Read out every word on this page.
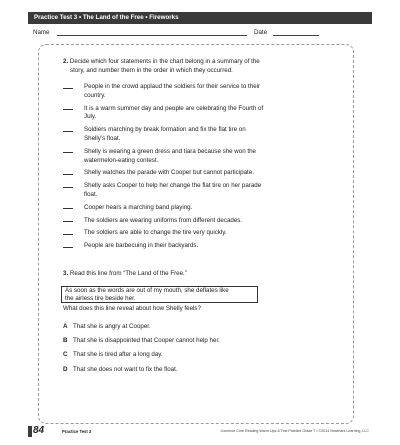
Practice Test 3 • The Land of the Free • Fireworks
Name	Date
2. Decide which four statements in the chart belong in a summary of the
story, and number them in the order in which they occurred.
People in the crowd applaud the soldiers for their service to their
country.
It is a warm summer day and people are celebrating the Fourth of
July.
Soldiers marching by break formation and fix the flat tire on
Shelly’s float.
Shelly is wearing a green dress and tiara because she won the
watermelon-eating contest.
Shelly watches the parade with Cooper but cannot participate.
Shelly asks Cooper to help her change the flat tire on her parade
float.
Cooper hears a marching band playing.
The soldiers are wearing uniforms from different decades.
The soldiers are able to change the tire very quickly.
People are barbecuing in their backyards.
3. Read this line from “The Land of the Free.”
As soon as the words are out of my mouth, she deflates like
the airless tire beside her.
What does this line reveal about how Shelly feels?
A That she is angry at Cooper.
B That she is disappointed that Cooper cannot help her.
C That she is tired after a long day.
D That she does not want to fix the float.
84	Practice Test 3	Common Core Reading Warm-Ups & Test Practice Grade 7 • ©2014 Newmark Learning, LLC
